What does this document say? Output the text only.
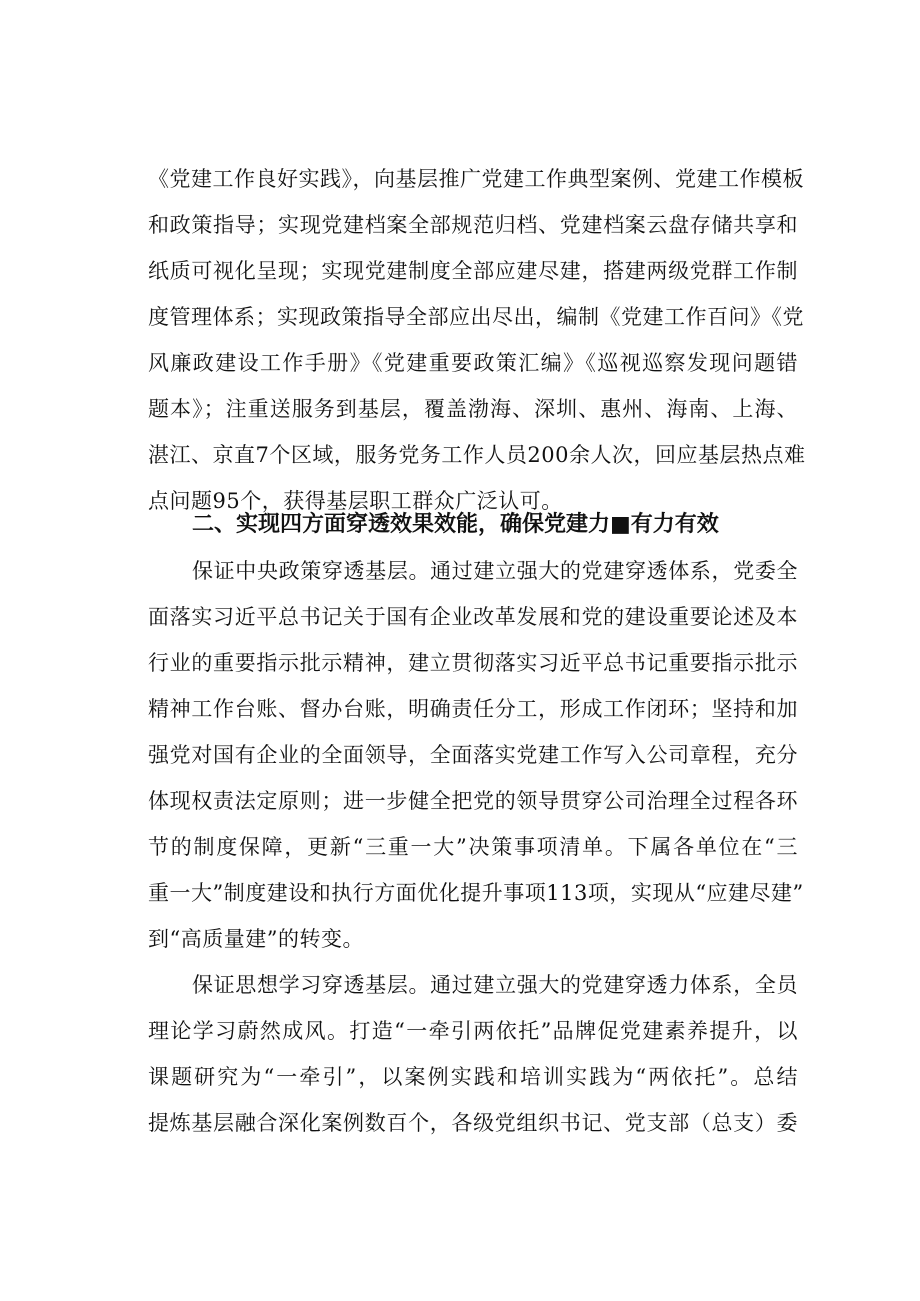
《党建工作良好实践》，向基层推广党建工作典型案例、党建工作模板
和政策指导；实现党建档案全部规范归档、党建档案云盘存储共享和
纸质可视化呈现；实现党建制度全部应建尽建，搭建两级党群工作制
度管理体系；实现政策指导全部应出尽出，编制《党建工作百问》《党
风廉政建设工作手册》《党建重要政策汇编》《巡视巡察发现问题错
题本》；注重送服务到基层，覆盖渤海、深圳、惠州、海南、上海、
湛江、京直7个区域，服务党务工作人员200余人次，回应基层热点难
点问题95个，获得基层职工群众广泛认可。
二、实现四方面穿透效果效能，确保党建力■有力有效
保证中央政策穿透基层。通过建立强大的党建穿透体系，党委全
面落实习近平总书记关于国有企业改革发展和党的建设重要论述及本
行业的重要指示批示精神，建立贯彻落实习近平总书记重要指示批示
精神工作台账、督办台账，明确责任分工，形成工作闭环；坚持和加
强党对国有企业的全面领导，全面落实党建工作写入公司章程，充分
体现权责法定原则；进一步健全把党的领导贯穿公司治理全过程各环
节的制度保障，更新“三重一大”决策事项清单。下属各单位在“三
重一大”制度建设和执行方面优化提升事项113项，实现从“应建尽建”
到“高质量建”的转变。
保证思想学习穿透基层。通过建立强大的党建穿透力体系，全员
理论学习蔚然成风。打造“一牵引两依托”品牌促党建素养提升，以
课题研究为“一牵引”，以案例实践和培训实践为“两依托”。总结
提炼基层融合深化案例数百个，各级党组织书记、党支部（总支）委
